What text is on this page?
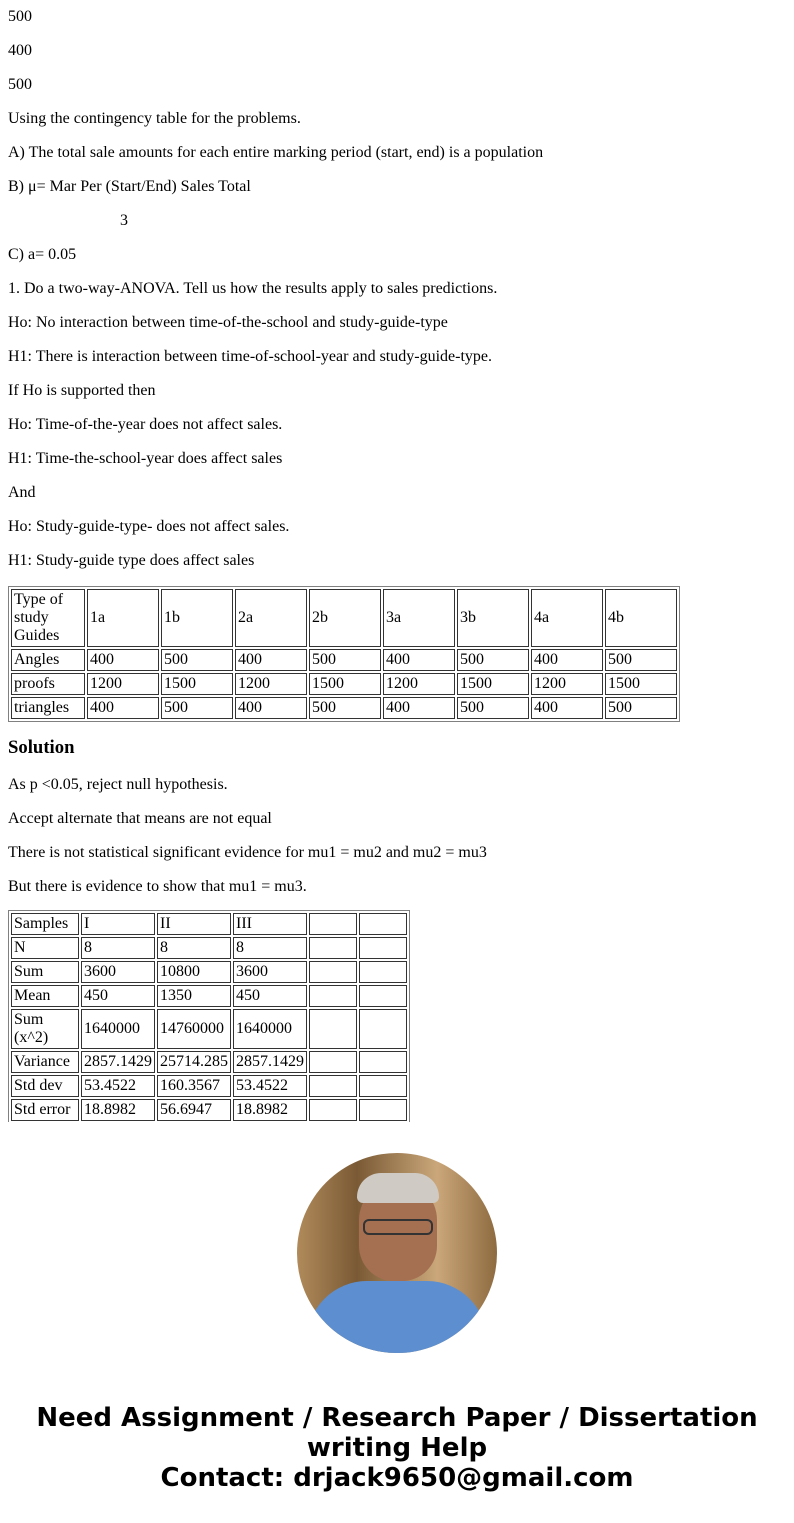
500

400

500

Using the contingency table for the problems.

A) The total sale amounts for each entire marking period (start, end) is a population

B) μ= Mar Per (Start/End) Sales Total

3

C) a= 0.05

1. Do a two-way-ANOVA. Tell us how the results apply to sales predictions.

Ho: No interaction between time-of-the-school and study-guide-type

H1: There is interaction between time-of-school-year and study-guide-type.

If Ho is supported then

Ho: Time-of-the-year does not affect sales.

H1: Time-the-school-year does affect sales

And

Ho: Study-guide-type- does not affect sales.

H1: Study-guide type does affect sales

Type of study Guides	1a	1b	2a	2b	3a	3b	4a	4b
Angles	400	500	400	500	400	500	400	500
proofs	1200	1500	1200	1500	1200	1500	1200	1500
triangles	400	500	400	500	400	500	400	500
Solution

As p <0.05, reject null hypothesis.

Accept alternate that means are not equal

There is not statistical significant evidence for mu1 = mu2 and mu2 = mu3

But there is evidence to show that mu1 = mu3.

Samples	I	II	III		
N	8	8	8		
Sum	3600	10800	3600		
Mean	450	1350	450		
Sum (x^2)	1640000	14760000	1640000		
Variance	2857.1429	25714.285	2857.1429		
Std dev	53.4522	160.3567	53.4522		
Std error	18.8982	56.6947	18.8982		
Need Assignment / Research Paper / Dissertation writing Help
Contact: drjack9650@gmail.com
